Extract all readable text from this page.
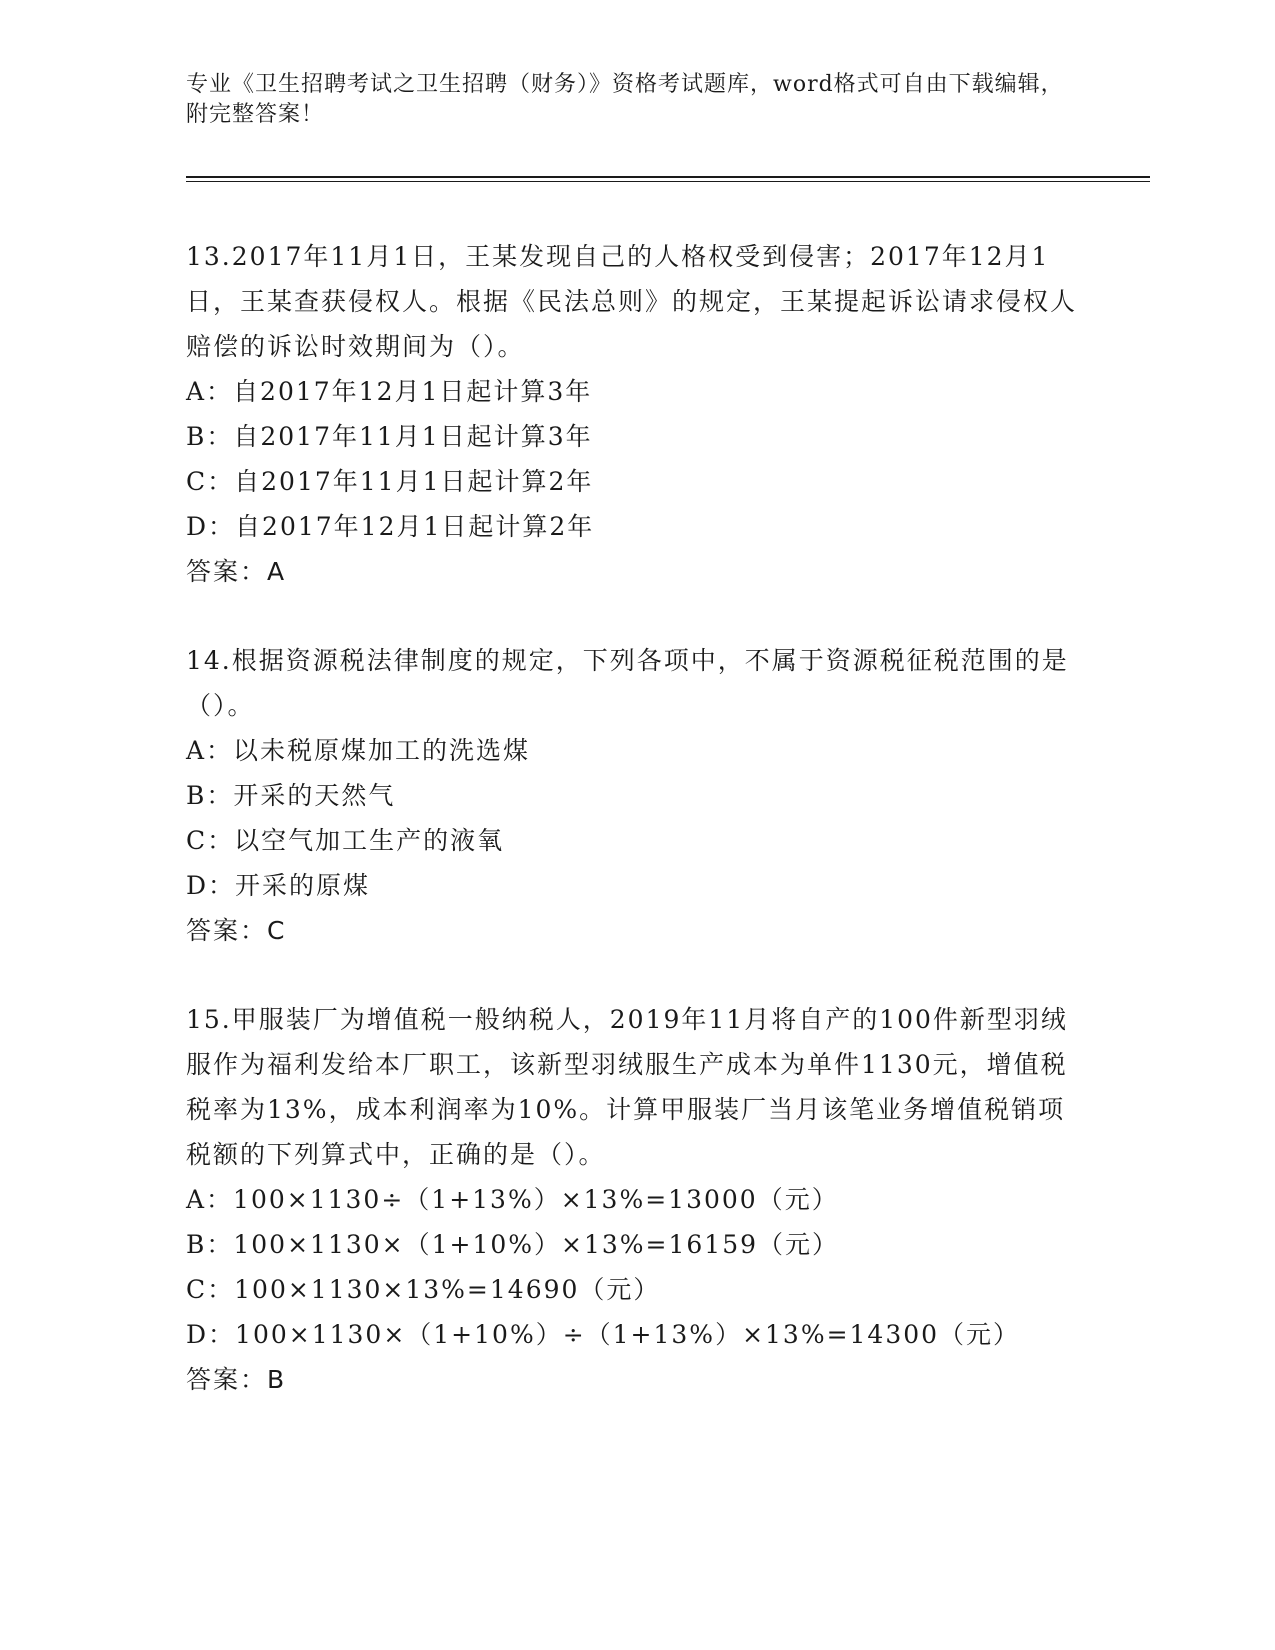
专业《卫生招聘考试之卫生招聘（财务）》资格考试题库，word格式可自由下载编辑，附完整答案！
13.2017年11月1日，王某发现自己的人格权受到侵害；2017年12月1日，王某查获侵权人。根据《民法总则》的规定，王某提起诉讼请求侵权人赔偿的诉讼时效期间为（）。
A：自2017年12月1日起计算3年
B：自2017年11月1日起计算3年
C：自2017年11月1日起计算2年
D：自2017年12月1日起计算2年
答案：A
14.根据资源税法律制度的规定，下列各项中，不属于资源税征税范围的是（）。
A：以未税原煤加工的洗选煤
B：开采的天然气
C：以空气加工生产的液氧
D：开采的原煤
答案：C
15.甲服装厂为增值税一般纳税人，2019年11月将自产的100件新型羽绒服作为福利发给本厂职工，该新型羽绒服生产成本为单件1130元，增值税税率为13%，成本利润率为10%。计算甲服装厂当月该笔业务增值税销项税额的下列算式中，正确的是（）。
A：100×1130÷（1+13%）×13%=13000（元）
B：100×1130×（1+10%）×13%=16159（元）
C：100×1130×13%=14690（元）
D：100×1130×（1+10%）÷（1+13%）×13%=14300（元）
答案：B
